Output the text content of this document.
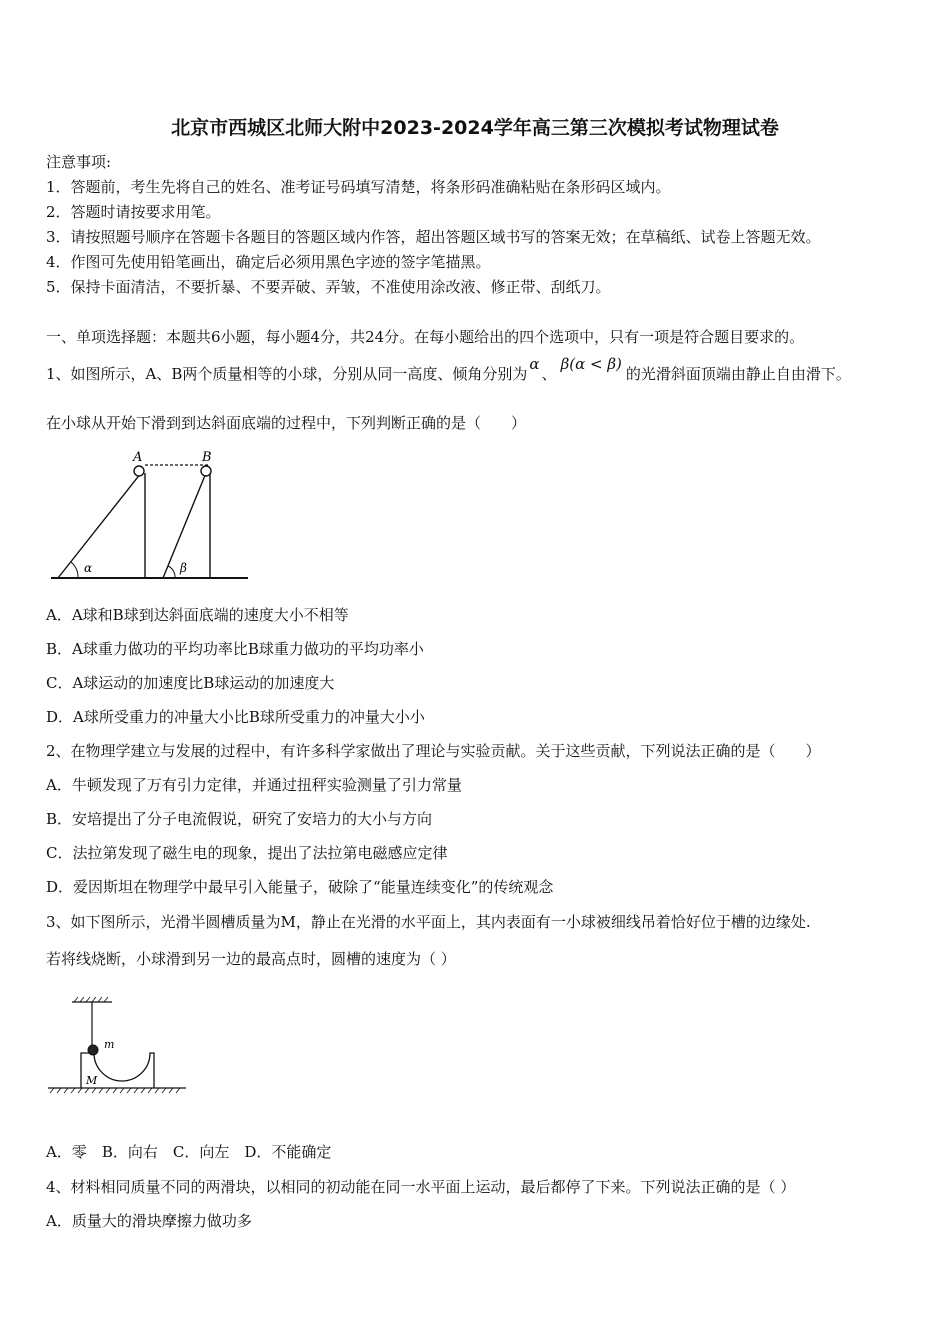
北京市西城区北师大附中2023-2024学年高三第三次模拟考试物理试卷
注意事项:
1．答题前，考生先将自己的姓名、准考证号码填写清楚，将条形码准确粘贴在条形码区域内。
2．答题时请按要求用笔。
3．请按照题号顺序在答题卡各题目的答题区域内作答，超出答题区域书写的答案无效；在草稿纸、试卷上答题无效。
4．作图可先使用铅笔画出，确定后必须用黑色字迹的签字笔描黑。
5．保持卡面清洁，不要折暴、不要弄破、弄皱，不准使用涂改液、修正带、刮纸刀。
一、单项选择题：本题共6小题，每小题4分，共24分。在每小题给出的四个选项中，只有一项是符合题目要求的。
1、如图所示，A、B两个质量相等的小球，分别从同一高度、倾角分别为α、β(α < β)的光滑斜面顶端由静止自由滑下。
在小球从开始下滑到到达斜面底端的过程中，下列判断正确的是（　　）
A	B
α	β
A．A球和B球到达斜面底端的速度大小不相等
B．A球重力做功的平均功率比B球重力做功的平均功率小
C．A球运动的加速度比B球运动的加速度大
D．A球所受重力的冲量大小比B球所受重力的冲量大小小
2、在物理学建立与发展的过程中，有许多科学家做出了理论与实验贡献。关于这些贡献，下列说法正确的是（　　）
A．牛顿发现了万有引力定律，并通过扭秤实验测量了引力常量
B．安培提出了分子电流假说，研究了安培力的大小与方向
C．法拉第发现了磁生电的现象，提出了法拉第电磁感应定律
D．爱因斯坦在物理学中最早引入能量子，破除了“能量连续变化”的传统观念
3、如下图所示，光滑半圆槽质量为M，静止在光滑的水平面上，其内表面有一小球被细线吊着恰好位于槽的边缘处.
若将线烧断，小球滑到另一边的最高点时，圆槽的速度为（ ）
m
M
A．零　B．向右　C．向左　D．不能确定
4、材料相同质量不同的两滑块，以相同的初动能在同一水平面上运动，最后都停了下来。下列说法正确的是（ ）
A．质量大的滑块摩擦力做功多
